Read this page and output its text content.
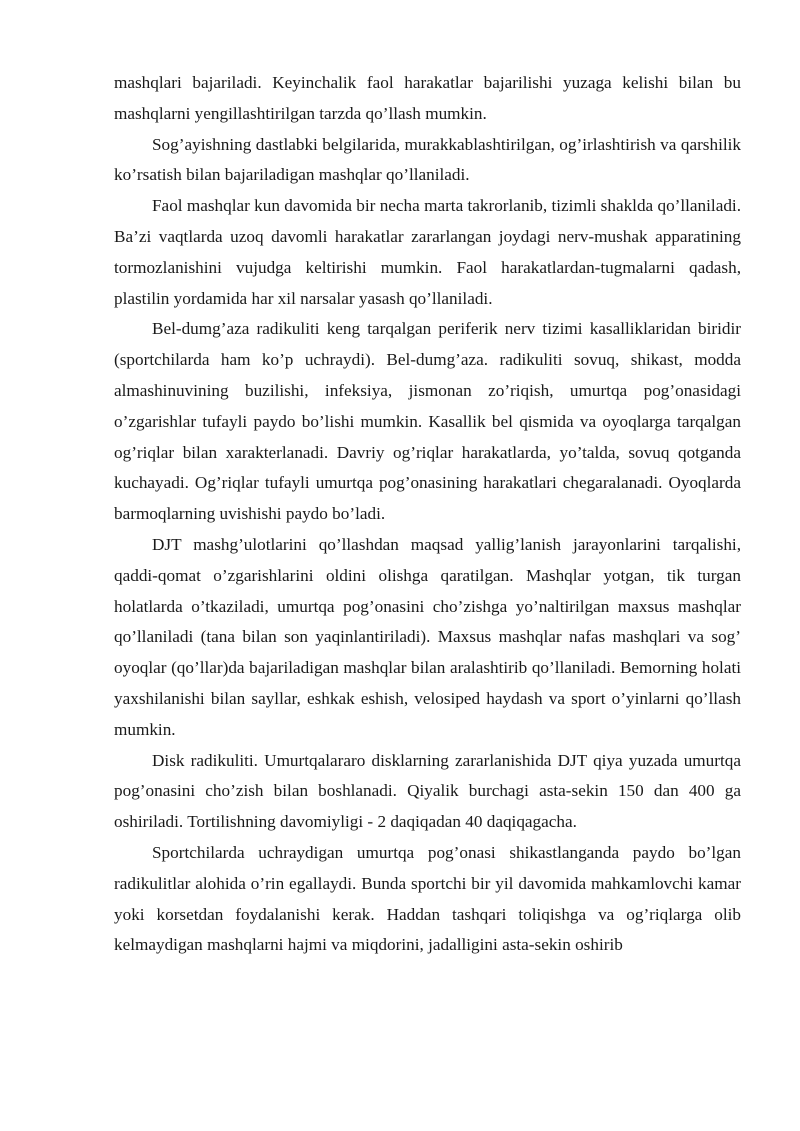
mashqlari bajariladi. Keyinchalik faol harakatlar bajarilishi yuzaga kelishi bilan bu mashqlarni yengillashtirilgan tarzda qo’llash mumkin.

Sog’ayishning dastlabki belgilarida, murakkablashtirilgan, og’irlashtirish va qarshilik ko’rsatish bilan bajariladigan mashqlar qo’llaniladi.

Faol mashqlar kun davomida bir necha marta takrorlanib, tizimli shaklda qo’llaniladi. Ba’zi vaqtlarda uzoq davomli harakatlar zararlangan joydagi nerv-mushak apparatining tormozlanishini vujudga keltirishi mumkin. Faol harakatlardan-tugmalarni qadash, plastilin yordamida har xil narsalar yasash qo’llaniladi.

Bel-dumg’aza radikuliti keng tarqalgan periferik nerv tizimi kasalliklaridan biridir (sportchilarda ham ko’p uchraydi). Bel-dumg’aza. radikuliti sovuq, shikast, modda almashinuvining buzilishi, infeksiya, jismonan zo’riqish, umurtqa pog’onasidagi o’zgarishlar tufayli paydo bo’lishi mumkin. Kasallik bel qismida va oyoqlarga tarqalgan og’riqlar bilan xarakterlanadi. Davriy og’riqlar harakatlarda, yo’talda, sovuq qotganda kuchayadi. Og’riqlar tufayli umurtqa pog’onasining harakatlari chegaralanadi. Oyoqlarda barmoqlarning uvishishi paydo bo’ladi.

DJT mashg’ulotlarini qo’llashdan maqsad yallig’lanish jarayonlarini tarqalishi, qaddi-qomat o’zgarishlarini oldini olishga qaratilgan. Mashqlar yotgan, tik turgan holatlarda o’tkaziladi, umurtqa pog’onasini cho’zishga yo’naltirilgan maxsus mashqlar qo’llaniladi (tana bilan son yaqinlantiriladi). Maxsus mashqlar nafas mashqlari va sog’ oyoqlar (qo’llar)da bajariladigan mashqlar bilan aralashtirib qo’llaniladi. Bemorning holati yaxshilanishi bilan sayllar, eshkak eshish, velosiped haydash va sport o’yinlarni qo’llash mumkin.

Disk radikuliti. Umurtqalararo disklarning zararlanishida DJT qiya yuzada umurtqa pog’onasini cho’zish bilan boshlanadi. Qiyalik burchagi asta-sekin 150 dan 400 ga oshiriladi. Tortilishning davomiyligi - 2 daqiqadan 40 daqiqagacha.

Sportchilarda uchraydigan umurtqa pog’onasi shikastlanganda paydo bo’lgan radikulitlar alohida o’rin egallaydi. Bunda sportchi bir yil davomida mahkamlovchi kamar yoki korsetdan foydalanishi kerak. Haddan tashqari toliqishga va og’riqlarga olib kelmaydigan mashqlarni hajmi va miqdorini, jadalligini asta-sekin oshirib
